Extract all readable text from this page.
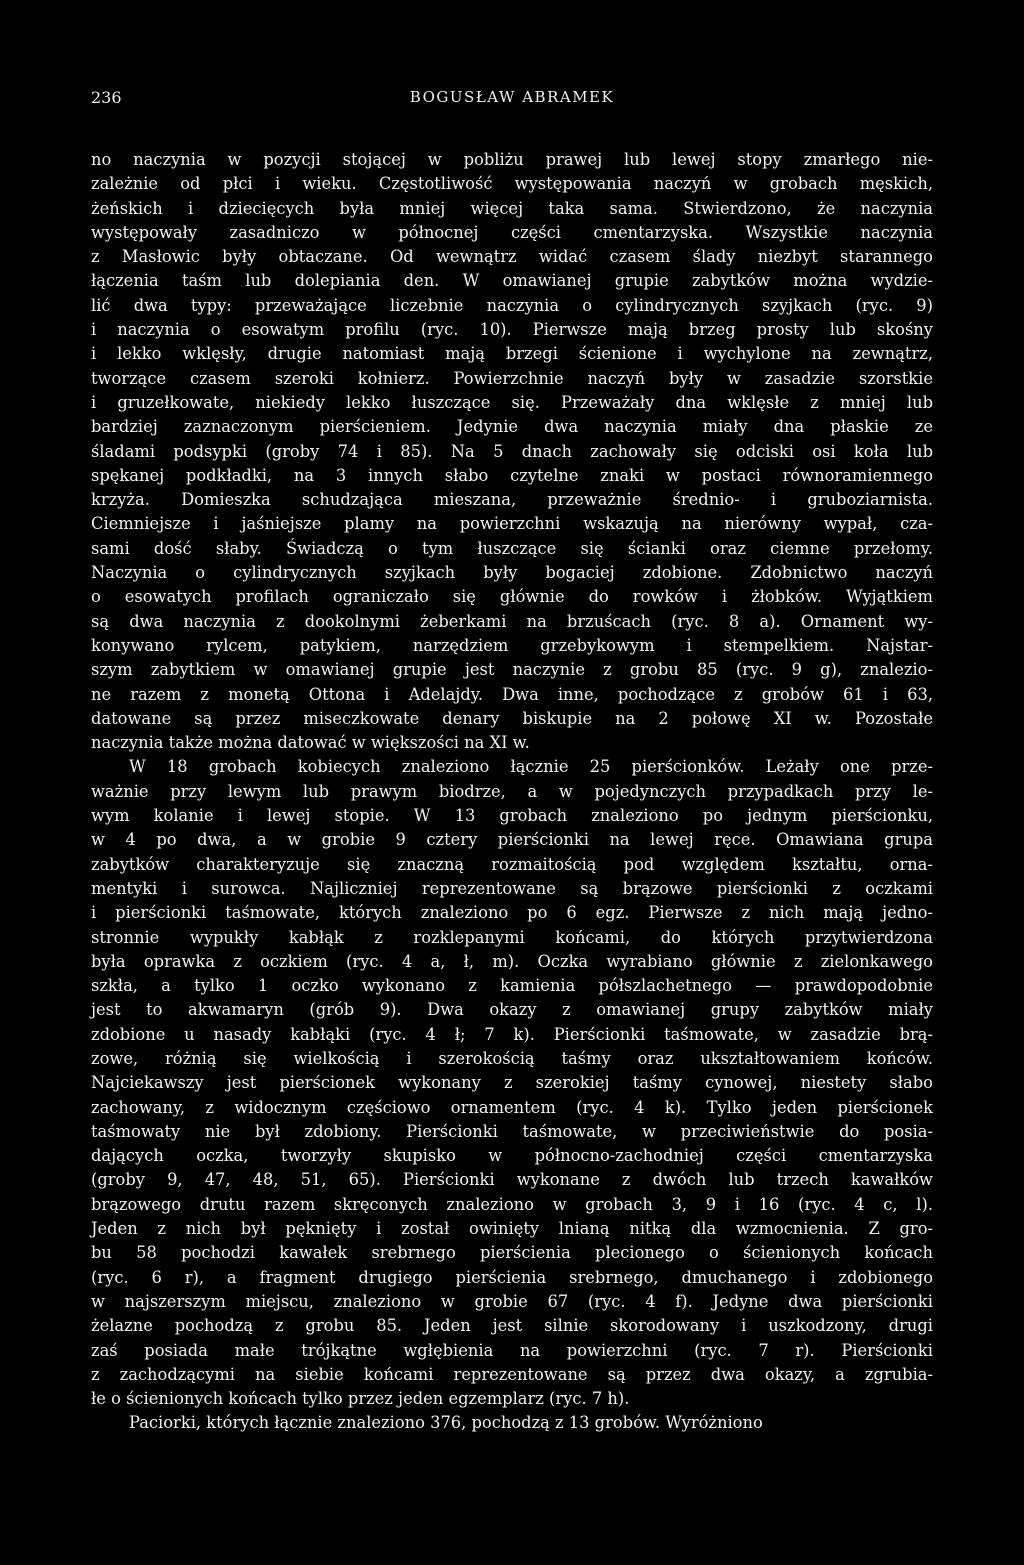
236	BOGUSŁAW ABRAMEK
no naczynia w pozycji stojącej w pobliżu prawej lub lewej stopy zmarłego nie-
zależnie od płci i wieku. Częstotliwość występowania naczyń w grobach męskich,
żeńskich i dziecięcych była mniej więcej taka sama. Stwierdzono, że naczynia
występowały zasadniczo w północnej części cmentarzyska. Wszystkie naczynia
z Masłowic były obtaczane. Od wewnątrz widać czasem ślady niezbyt starannego
łączenia taśm lub dolepiania den. W omawianej grupie zabytków można wydzie-
lić dwa typy: przeważające liczebnie naczynia o cylindrycznych szyjkach (ryc. 9)
i naczynia o esowatym profilu (ryc. 10). Pierwsze mają brzeg prosty lub skośny
i lekko wklęsły, drugie natomiast mają brzegi ścienione i wychylone na zewnątrz,
tworzące czasem szeroki kołnierz. Powierzchnie naczyń były w zasadzie szorstkie
i gruzełkowate, niekiedy lekko łuszczące się. Przeważały dna wklęsłe z mniej lub
bardziej zaznaczonym pierścieniem. Jedynie dwa naczynia miały dna płaskie ze
śladami podsypki (groby 74 i 85). Na 5 dnach zachowały się odciski osi koła lub
spękanej podkładki, na 3 innych słabo czytelne znaki w postaci równoramiennego
krzyża. Domieszka schudzająca mieszana, przeważnie średnio- i gruboziarnista.
Ciemniejsze i jaśniejsze plamy na powierzchni wskazują na nierówny wypał, cza-
sami dość słaby. Świadczą o tym łuszczące się ścianki oraz ciemne przełomy.
Naczynia o cylindrycznych szyjkach były bogaciej zdobione. Zdobnictwo naczyń
o esowatych profilach ograniczało się głównie do rowków i żłobków. Wyjątkiem
są dwa naczynia z dookolnymi żeberkami na brzuścach (ryc. 8 a). Ornament wy-
konywano rylcem, patykiem, narzędziem grzebykowym i stempelkiem. Najstar-
szym zabytkiem w omawianej grupie jest naczynie z grobu 85 (ryc. 9 g), znalezio-
ne razem z monetą Ottona i Adelajdy. Dwa inne, pochodzące z grobów 61 i 63,
datowane są przez miseczkowate denary biskupie na 2 połowę XI w. Pozostałe
naczynia także można datować w większości na XI w.
W 18 grobach kobiecych znaleziono łącznie 25 pierścionków. Leżały one prze-
ważnie przy lewym lub prawym biodrze, a w pojedynczych przypadkach przy le-
wym kolanie i lewej stopie. W 13 grobach znaleziono po jednym pierścionku,
w 4 po dwa, a w grobie 9 cztery pierścionki na lewej ręce. Omawiana grupa
zabytków charakteryzuje się znaczną rozmaitością pod względem kształtu, orna-
mentyki i surowca. Najliczniej reprezentowane są brązowe pierścionki z oczkami
i pierścionki taśmowate, których znaleziono po 6 egz. Pierwsze z nich mają jedno-
stronnie wypukły kabłąk z rozklepanymi końcami, do których przytwierdzona
była oprawka z oczkiem (ryc. 4 a, ł, m). Oczka wyrabiano głównie z zielonkawego
szkła, a tylko 1 oczko wykonano z kamienia półszlachetnego — prawdopodobnie
jest to akwamaryn (grób 9). Dwa okazy z omawianej grupy zabytków miały
zdobione u nasady kabłąki (ryc. 4 ł; 7 k). Pierścionki taśmowate, w zasadzie brą-
zowe, różnią się wielkością i szerokością taśmy oraz ukształtowaniem końców.
Najciekawszy jest pierścionek wykonany z szerokiej taśmy cynowej, niestety słabo
zachowany, z widocznym częściowo ornamentem (ryc. 4 k). Tylko jeden pierścionek
taśmowaty nie był zdobiony. Pierścionki taśmowate, w przeciwieństwie do posia-
dających oczka, tworzyły skupisko w północno-zachodniej części cmentarzyska
(groby 9, 47, 48, 51, 65). Pierścionki wykonane z dwóch lub trzech kawałków
brązowego drutu razem skręconych znaleziono w grobach 3, 9 i 16 (ryc. 4 c, l).
Jeden z nich był pęknięty i został owinięty lnianą nitką dla wzmocnienia. Z gro-
bu 58 pochodzi kawałek srebrnego pierścienia plecionego o ścienionych końcach
(ryc. 6 r), a fragment drugiego pierścienia srebrnego, dmuchanego i zdobionego
w najszerszym miejscu, znaleziono w grobie 67 (ryc. 4 f). Jedyne dwa pierścionki
żelazne pochodzą z grobu 85. Jeden jest silnie skorodowany i uszkodzony, drugi
zaś posiada małe trójkątne wgłębienia na powierzchni (ryc. 7 r). Pierścionki
z zachodzącymi na siebie końcami reprezentowane są przez dwa okazy, a zgrubia-
łe o ścienionych końcach tylko przez jeden egzemplarz (ryc. 7 h).
Paciorki, których łącznie znaleziono 376, pochodzą z 13 grobów. Wyróżniono
